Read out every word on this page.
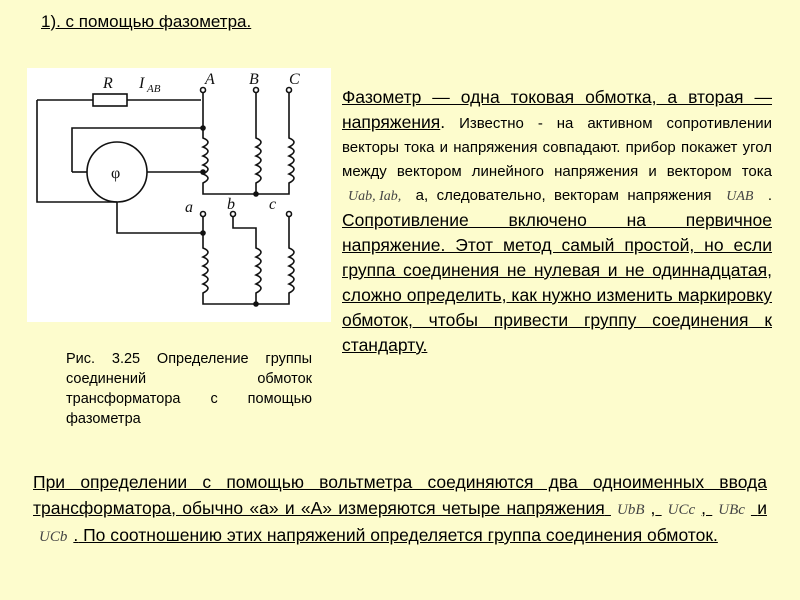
1). с помощью фазометра.
R I AB
A B C
a b c
φ
Рис. 3.25 Определение группы соединений обмоток трансформатора с помощью фазометра

Фазометр — одна токовая обмотка, а вторая — напряжения. Известно - на активном сопротивлении векторы тока и напряжения совпадают. прибор покажет угол между вектором линейного напряжения и вектором тока Uab, Iab, а, следовательно, векторам напряжения UAB . Сопротивление включено на первичное напряжение. Этот метод самый простой, но если группа соединения не нулевая и не одиннадцатая, сложно определить, как нужно изменить маркировку обмоток, чтобы привести группу соединения к стандарту.

При определении с помощью вольтметра соединяются два одноименных ввода трансформатора, обычно «а» и «А» измеряются четыре напряжения UbB , UCc , UBc и UCb . По соотношению этих напряжений определяется группа соединения обмоток.
